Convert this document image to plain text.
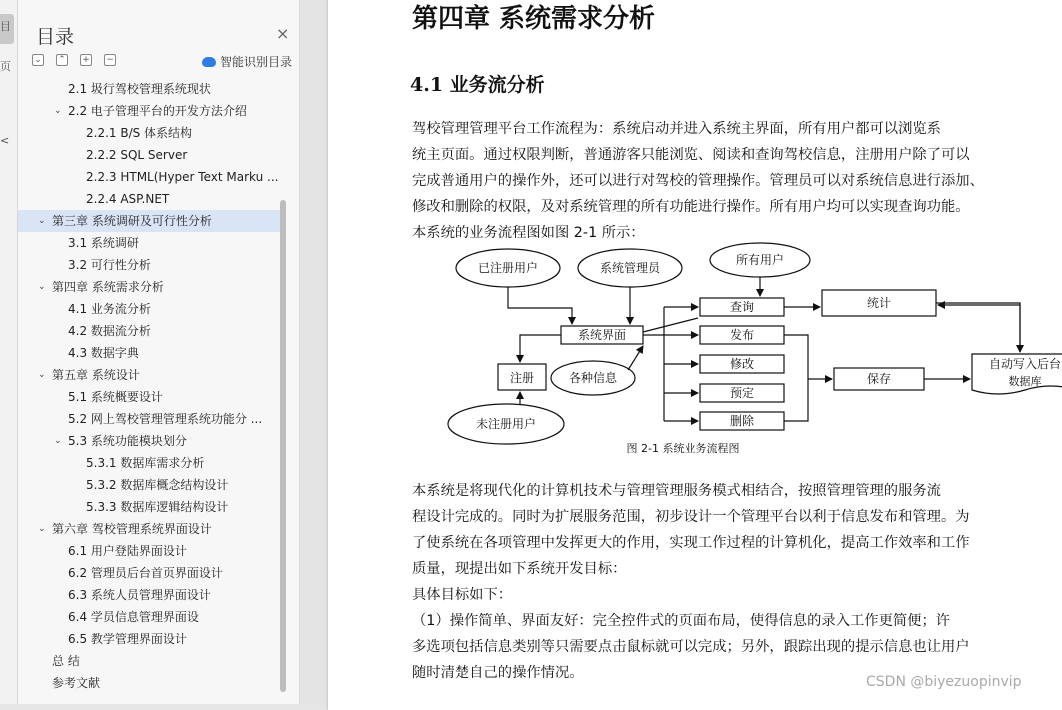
目
页
<
目录	×
⌄ ⌃ + −	智能识别目录
2.1 圾行驾校管理系统现状
⌄ 2.2 电子管理平台的开发方法介绍
2.2.1 B/S 体系结构
2.2.2 SQL Server
2.2.3 HTML(Hyper Text Marku ...
2.2.4 ASP.NET
⌄ 第三章 系统调研及可行性分析
3.1 系统调研
3.2 可行性分析
⌄ 第四章 系统需求分析
4.1 业务流分析
4.2 数据流分析
4.3 数据字典
⌄ 第五章 系统设计
5.1 系统概要设计
5.2 网上驾校管理管理系统功能分 ...
⌄ 5.3 系统功能模块划分
5.3.1 数据库需求分析
5.3.2 数据库概念结构设计
5.3.3 数据库逻辑结构设计
⌄ 第六章 驾校管理系统界面设计
6.1 用户登陆界面设计
6.2 管理员后台首页界面设计
6.3 系统人员管理界面设计
6.4 学员信息管理界面设
6.5 教学管理界面设计
总 结
参考文献
第四章 系统需求分析
4.1 业务流分析

驾校管理管理平台工作流程为：系统启动并进入系统主界面，所有用户都可以浏览系

统主页面。通过权限判断，普通游客只能浏览、阅读和查询驾校信息，注册用户除了可以

完成普通用户的操作外，还可以进行对驾校的管理操作。管理员可以对系统信息进行添加、

修改和删除的权限，及对系统管理的所有功能进行操作。所有用户均可以实现查询功能。

本系统的业务流程图如图 2-1 所示：

已注册用户	系统管理员
所有用户
系统界面
注册	各种信息
未注册用户
查询
发布
修改
预定
删除
统计
保存
自动写入后台
数据库
图 2-1 系统业务流程图

本系统是将现代化的计算机技术与管理管理服务模式相结合，按照管理管理的服务流

程设计完成的。同时为扩展服务范围，初步设计一个管理平台以利于信息发布和管理。为

了使系统在各项管理中发挥更大的作用，实现工作过程的计算机化，提高工作效率和工作

质量，现提出如下系统开发目标：

具体目标如下：

（1）操作简单、界面友好：完全控件式的页面布局，使得信息的录入工作更简便；许

多选项包括信息类别等只需要点击鼠标就可以完成；另外，跟踪出现的提示信息也让用户

随时清楚自己的操作情况。

CSDN @biyezuopinvip
